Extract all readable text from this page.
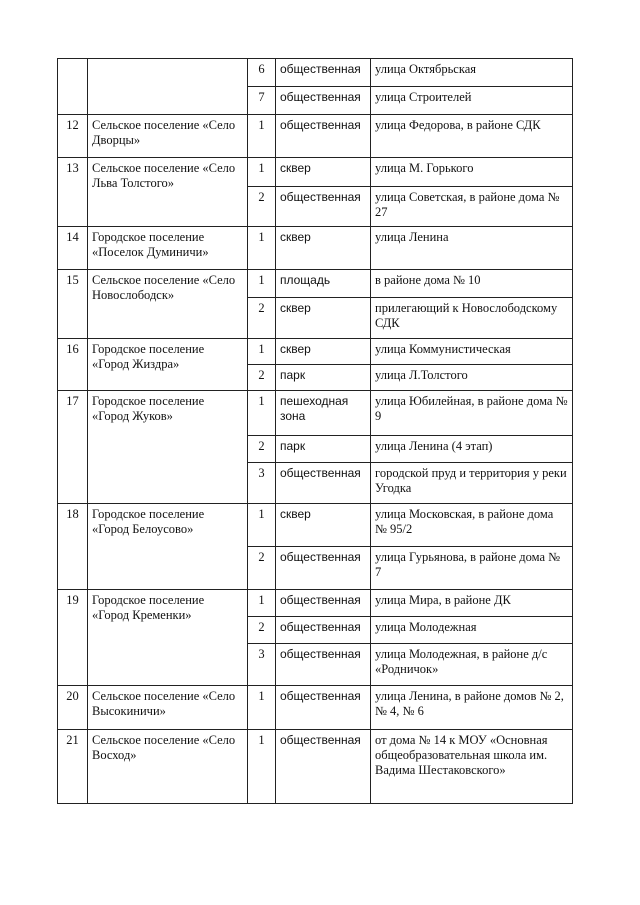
		6	общественная	улица Октябрьская
		7	общественная	улица Строителей
12	Сельское поселение «Село Дворцы»	1	общественная	улица Федорова, в районе СДК
13	Сельское поселение «Село Льва Толстого»	1	сквер	улица М. Горького
		2	общественная	улица Советская, в районе дома № 27
14	Городское поселение «Поселок Думиничи»	1	сквер	улица Ленина
15	Сельское поселение «Село Новослободск»	1	площадь	в районе дома № 10
		2	сквер	прилегающий к Новослободскому СДК
16	Городское поселение «Город Жиздра»	1	сквер	улица Коммунистическая
		2	парк	улица Л.Толстого
17	Городское поселение «Город Жуков»	1	пешеходная зона	улица Юбилейная, в районе дома № 9
		2	парк	улица Ленина (4 этап)
		3	общественная	городской пруд и территория у реки Угодка
18	Городское поселение «Город Белоусово»	1	сквер	улица Московская, в районе дома № 95/2
		2	общественная	улица Гурьянова, в районе дома № 7
19	Городское поселение «Город Кременки»	1	общественная	улица Мира, в районе ДК
		2	общественная	улица Молодежная
		3	общественная	улица Молодежная, в районе д/с «Родничок»
20	Сельское поселение «Село Высокиничи»	1	общественная	улица Ленина, в районе домов № 2, № 4, № 6
21	Сельское поселение «Село Восход»	1	общественная	от дома № 14 к МОУ «Основная общеобразовательная школа им. Вадима Шестаковского»
